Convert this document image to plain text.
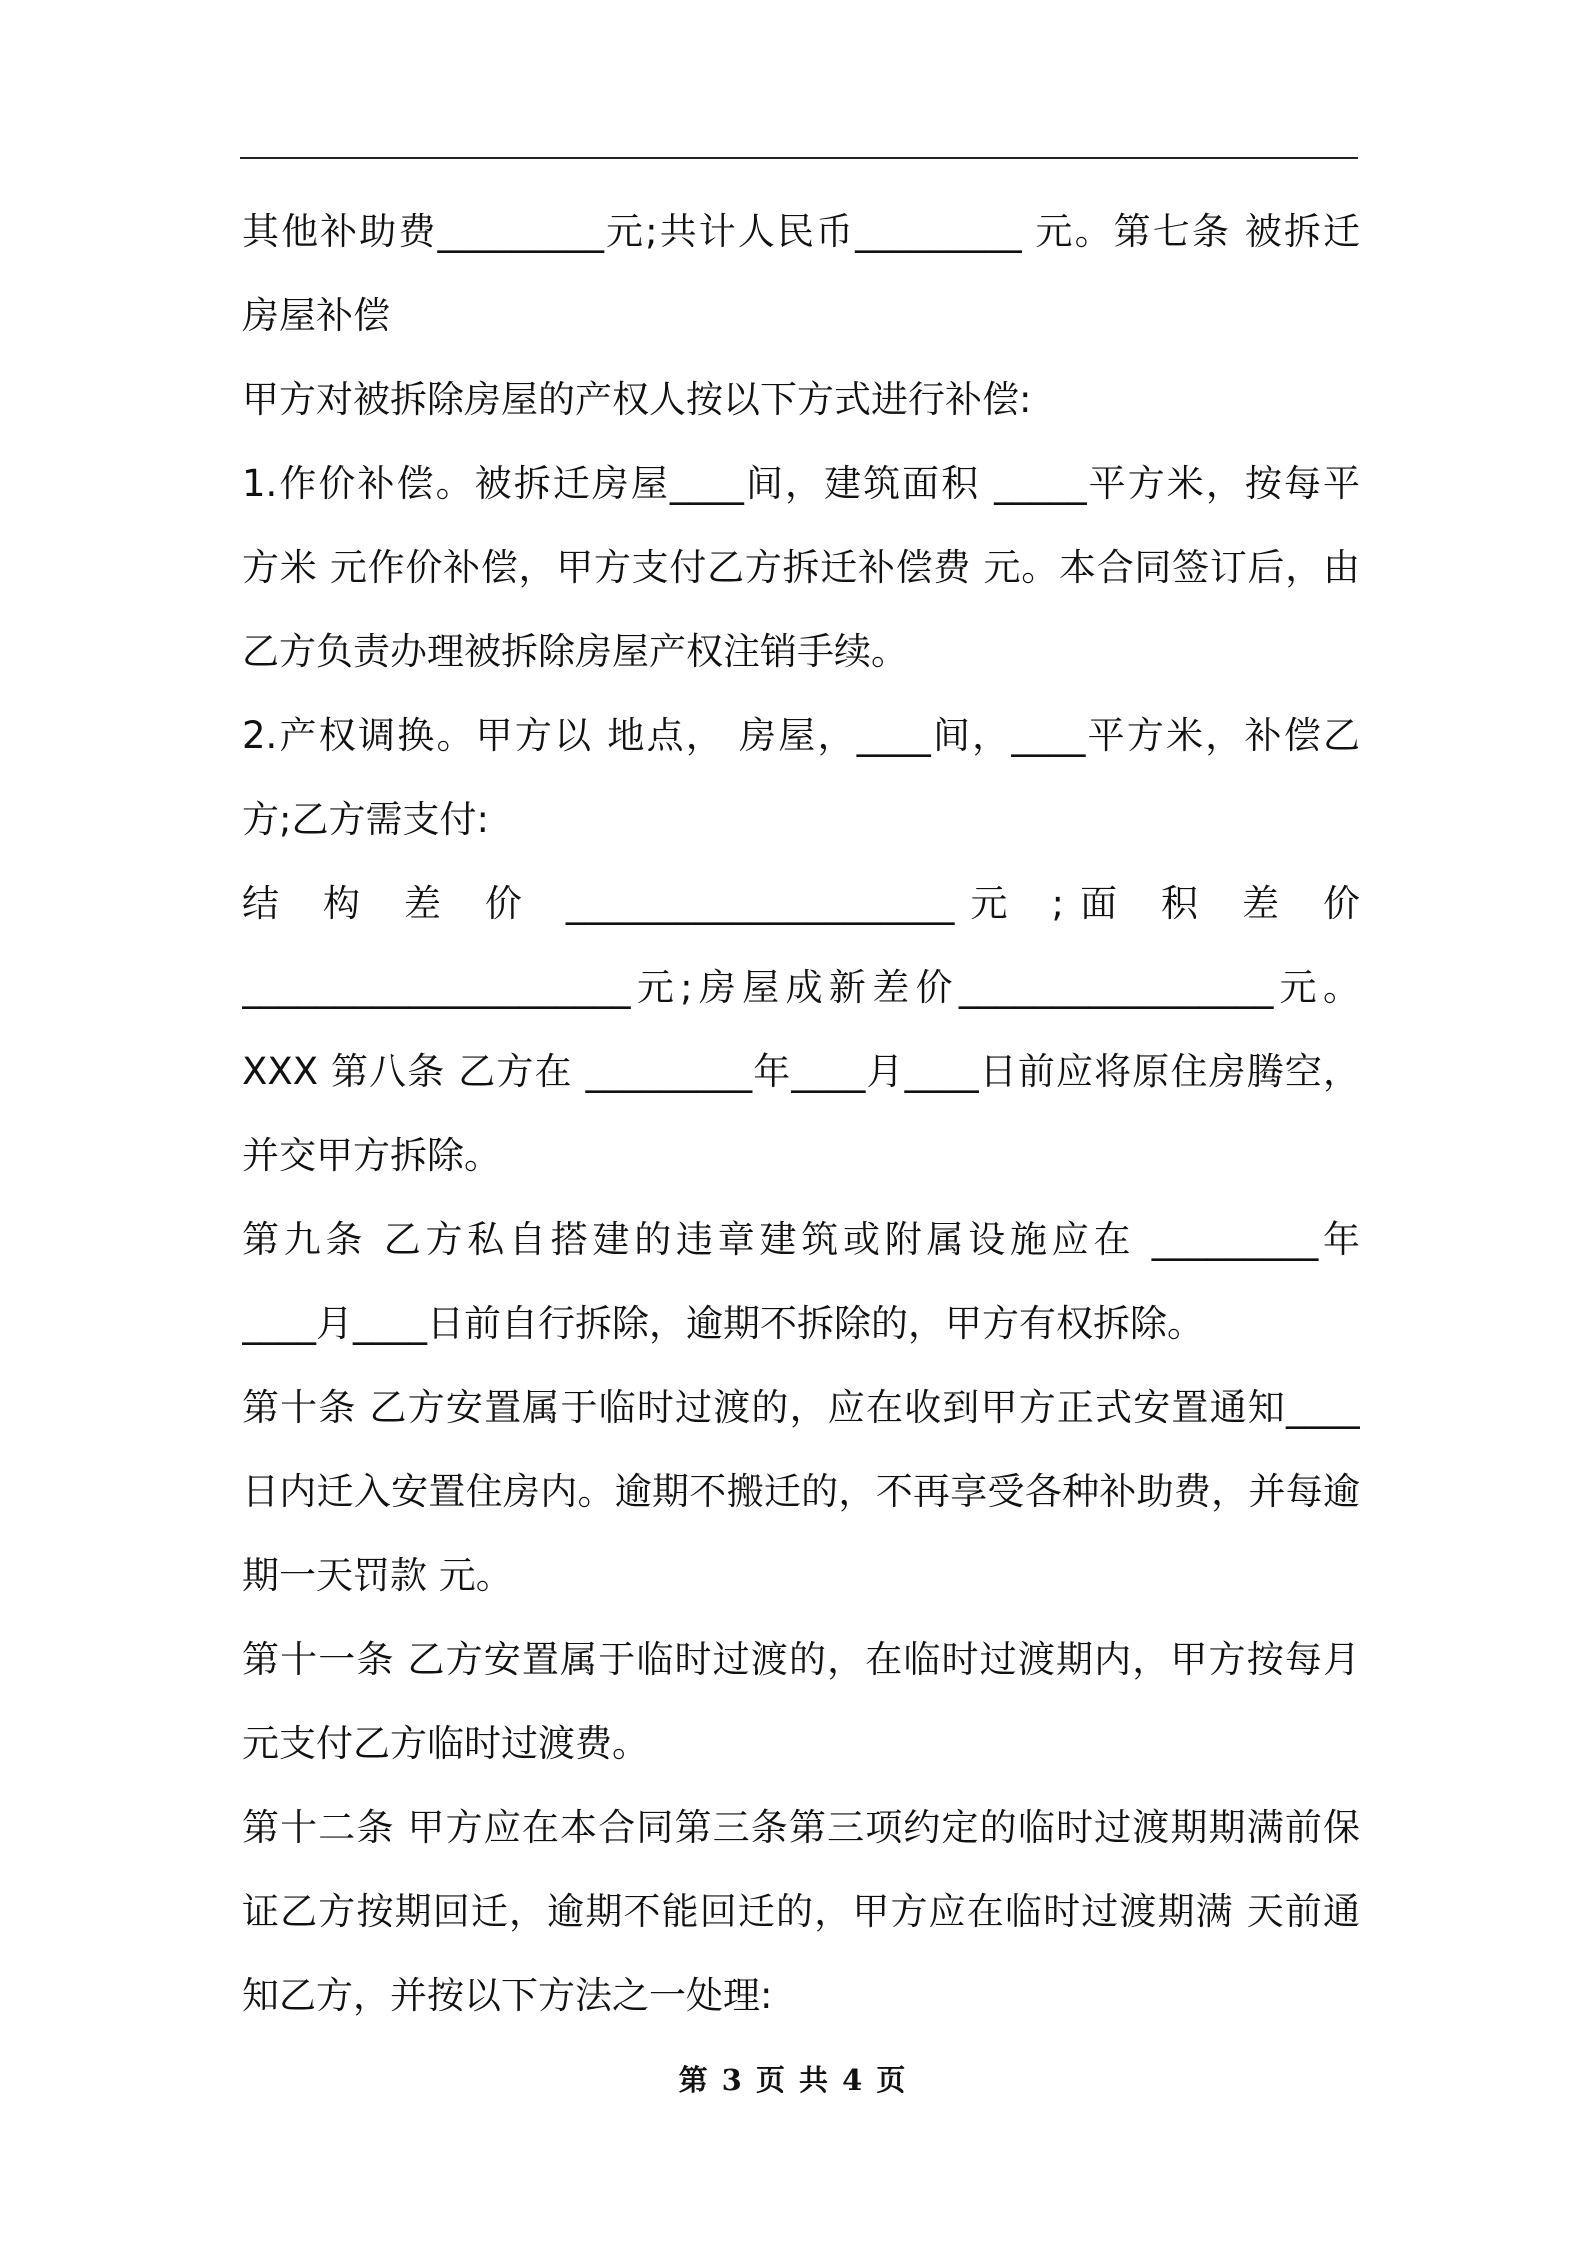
其他补助费_________元;共计人民币_________ 元。第七条 被拆迁
房屋补偿
甲方对被拆除房屋的产权人按以下方式进行补偿:
1.作价补偿。被拆迁房屋____间，建筑面积 _____平方米，按每平
方米 元作价补偿，甲方支付乙方拆迁补偿费 元。本合同签订后，由
乙方负责办理被拆除房屋产权注销手续。
2.产权调换。甲方以 地点， 房屋，____间，____平方米，补偿乙
方;乙方需支付:
结 构 差 价 _____________________元 ;面 积 差 价
_____________________元;房屋成新差价_________________元。
XXX 第八条 乙方在 _________年____月____日前应将原住房腾空，
并交甲方拆除。
第九条 乙方私自搭建的违章建筑或附属设施应在 _________年
____月____日前自行拆除，逾期不拆除的，甲方有权拆除。
第十条 乙方安置属于临时过渡的，应在收到甲方正式安置通知____
日内迁入安置住房内。逾期不搬迁的，不再享受各种补助费，并每逾
期一天罚款 元。
第十一条 乙方安置属于临时过渡的，在临时过渡期内，甲方按每月
元支付乙方临时过渡费。
第十二条 甲方应在本合同第三条第三项约定的临时过渡期期满前保
证乙方按期回迁，逾期不能回迁的，甲方应在临时过渡期满 天前通
知乙方，并按以下方法之一处理:
第 3 页 共 4 页
